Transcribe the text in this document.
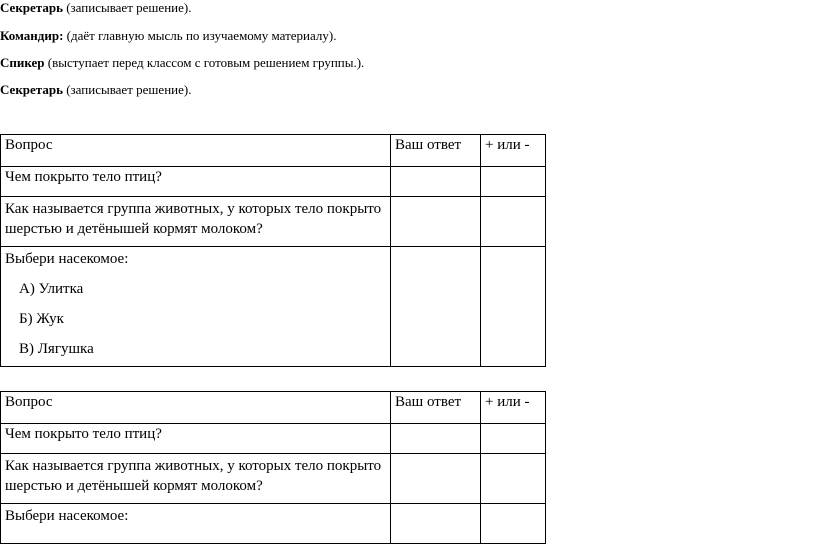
Секретарь (записывает решение).
Командир: (даёт главную мысль по изучаемому материалу).
Спикер (выступает перед классом с готовым решением группы.).
Секретарь (записывает решение).
Вопрос	Ваш ответ	+ или -
Чем покрыто тело птиц?		
Как называется группа животных, у которых тело покрыто шерстью и детёнышей кормят молоком?		
Выбери насекомое:
А) Улитка
Б) Жук
В) Лягушка		

Вопрос	Ваш ответ	+ или -
Чем покрыто тело птиц?		
Как называется группа животных, у которых тело покрыто шерстью и детёнышей кормят молоком?		
Выбери насекомое:		
